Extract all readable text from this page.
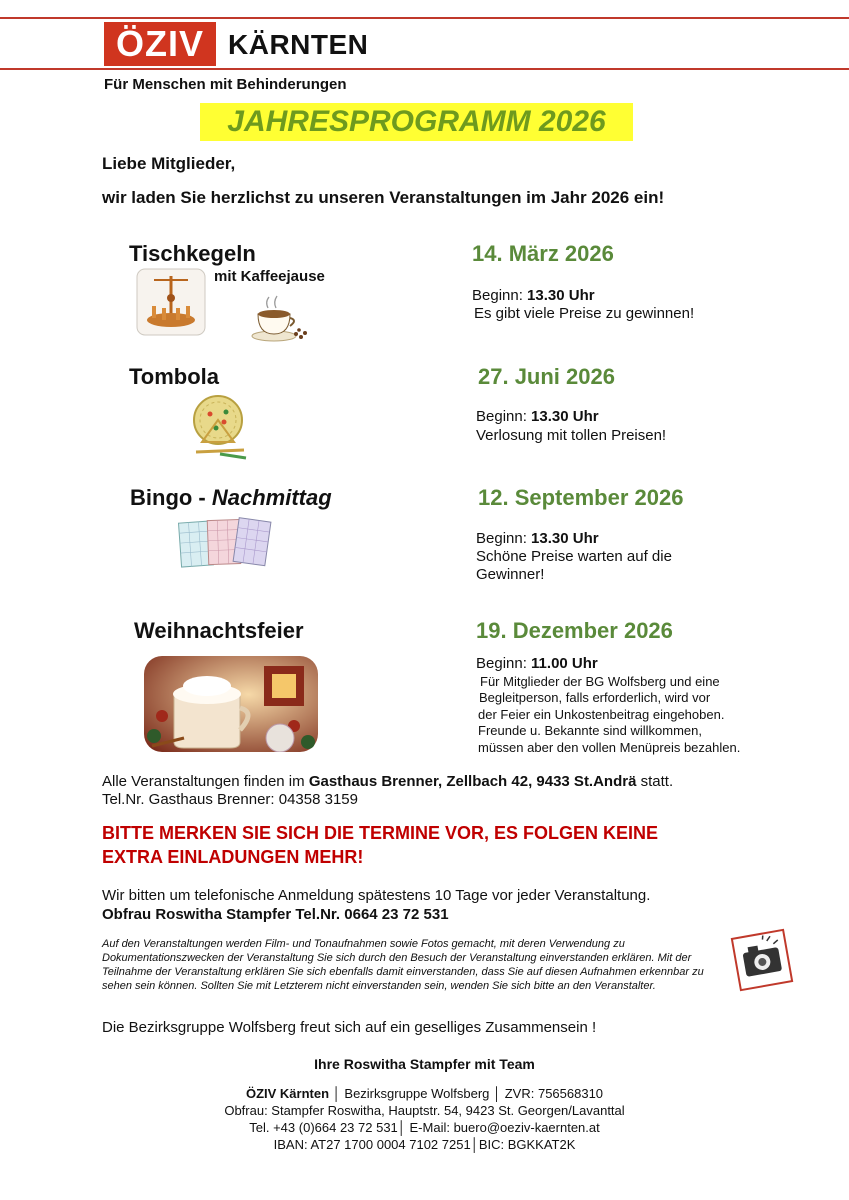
ÖZIV KÄRNTEN
Für Menschen mit Behinderungen
JAHRESPROGRAMM 2026
Liebe Mitglieder,
wir laden Sie herzlichst zu unseren Veranstaltungen im Jahr 2026 ein!
Tischkegeln
mit Kaffeejause
14. März 2026
Beginn: 13.30 Uhr
Es gibt viele Preise zu gewinnen!
Tombola	27. Juni 2026
Beginn: 13.30 Uhr
Verlosung mit tollen Preisen!
Bingo - Nachmittag	12. September 2026
Beginn: 13.30 Uhr
Schöne Preise warten auf die
Gewinner!
Weihnachtsfeier	19. Dezember 2026
Beginn: 11.00 Uhr
Für Mitglieder der BG Wolfsberg und eine
Begleitperson, falls erforderlich, wird vor
der Feier ein Unkostenbeitrag eingehoben.
Freunde u. Bekannte sind willkommen,
müssen aber den vollen Menüpreis bezahlen.
Alle Veranstaltungen finden im Gasthaus Brenner, Zellbach 42, 9433 St.Andrä statt.
Tel.Nr. Gasthaus Brenner: 04358 3159
BITTE MERKEN SIE SICH DIE TERMINE VOR, ES FOLGEN KEINE
EXTRA EINLADUNGEN MEHR!
Wir bitten um telefonische Anmeldung spätestens 10 Tage vor jeder Veranstaltung.
Obfrau Roswitha Stampfer Tel.Nr. 0664 23 72 531
Auf den Veranstaltungen werden Film- und Tonaufnahmen sowie Fotos gemacht, mit deren Verwendung zu Dokumentationszwecken der Veranstaltung Sie sich durch den Besuch der Veranstaltung einverstanden erklären. Mit der Teilnahme der Veranstaltung erklären Sie sich ebenfalls damit einverstanden, dass Sie auf diesen Aufnahmen erkennbar zu sehen sein können. Sollten Sie mit Letzterem nicht einverstanden sein, wenden Sie sich bitte an den Veranstalter.
Die Bezirksgruppe Wolfsberg freut sich auf ein geselliges Zusammensein !
Ihre Roswitha Stampfer mit Team
ÖZIV Kärnten │ Bezirksgruppe Wolfsberg │ ZVR: 756568310
Obfrau: Stampfer Roswitha, Hauptstr. 54, 9423 St. Georgen/Lavanttal
Tel. +43 (0)664 23 72 531│ E-Mail: buero@oeziv-kaernten.at
IBAN: AT27 1700 0004 7102 7251│BIC: BGKKAT2K
